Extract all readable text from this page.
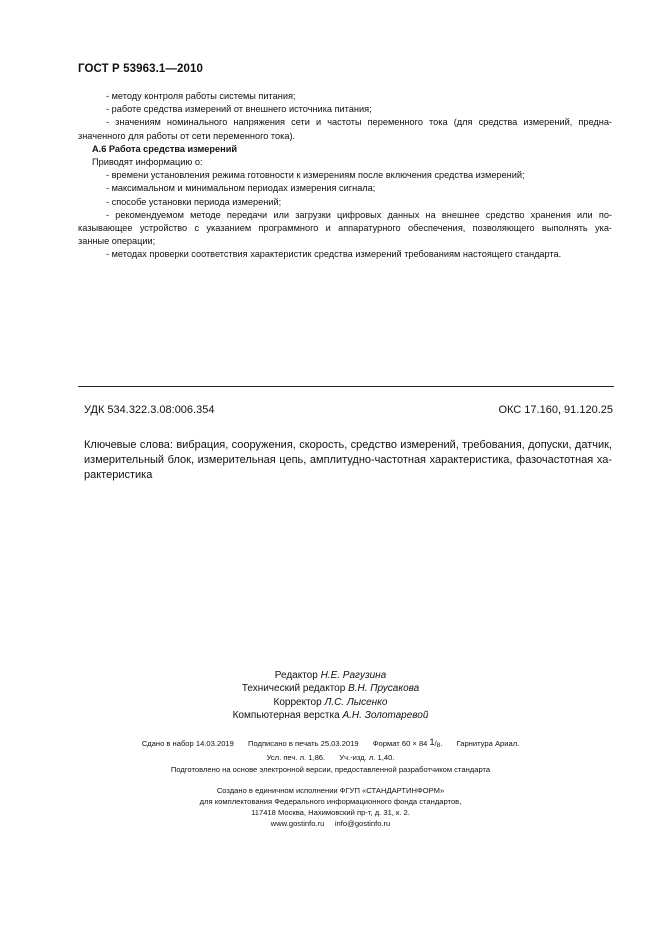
ГОСТ Р 53963.1—2010

- методу контроля работы системы питания;

- работе средства измерений от внешнего источника питания;

- значениям номинального напряжения сети и частоты переменного тока (для средства измерений, предна-

значенного для работы от сети переменного тока).

А.6 Работа средства измерений

Приводят информацию о:

- времени установления режима готовности к измерениям после включения средства измерений;

- максимальном и минимальном периодах измерения сигнала;

- способе установки периода измерений;

- рекомендуемом методе передачи или загрузки цифровых данных на внешнее средство хранения или по-

казывающее устройство с указанием программного и аппаратурного обеспечения, позволяющего выполнять ука-

занные операции;

- методах проверки соответствия характеристик средства измерений требованиям настоящего стандарта.

УДК 534.322.3.08:006.354	ОКС 17.160, 91.120.25
Ключевые слова: вибрация, сооружения, скорость, средство измерений, требования, допуски, датчик,
измерительный блок, измерительная цепь, амплитудно-частотная характеристика, фазочастотная ха-
рактеристика
Редактор Н.Е. Рагузина
Технический редактор В.Н. Прусакова
Корректор Л.С. Лысенко
Компьютерная верстка А.Н. Золотаревой
Сдано в набор 14.03.2019 Подписано в печать 25.03.2019 Формат 60 × 84 $^1/_8$. Гарнитура Ариал.
Усл. печ. л. 1,86. Уч.-изд. л. 1,40.
Подготовлено на основе электронной версии, предоставленной разработчиком стандарта
Создано в единичном исполнении ФГУП «СТАНДАРТИНФОРМ»
для комплектования Федерального информационного фонда стандартов,
117418 Москва, Нахимовский пр-т, д. 31, к. 2.
www.gostinfo.ru     info@gostinfo.ru
